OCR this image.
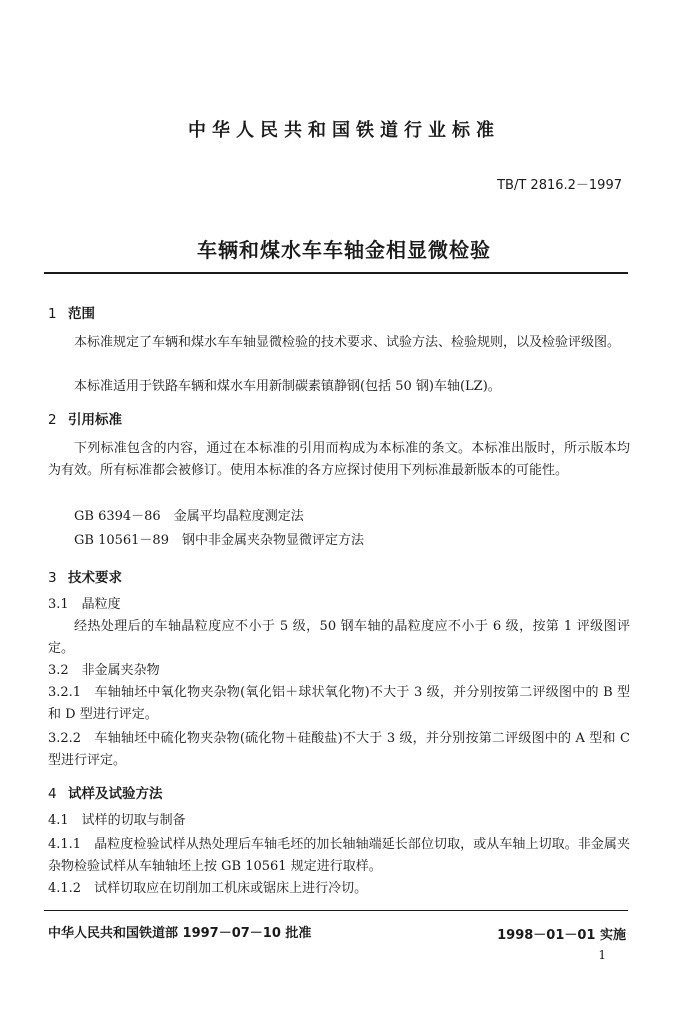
中华人民共和国铁道行业标准
TB/T 2816.2－1997
车辆和煤水车车轴金相显微检验
1 范围
本标准规定了车辆和煤水车车轴显微检验的技术要求、试验方法、检验规则，以及检验评级图。
本标准适用于铁路车辆和煤水车用新制碳素镇静钢(包括 50 钢)车轴(LZ)。
2 引用标准
下列标准包含的内容，通过在本标准的引用而构成为本标准的条文。本标准出版时，所示版本均为有效。所有标准都会被修订。使用本标准的各方应探讨使用下列标准最新版本的可能性。
GB 6394－86　金属平均晶粒度测定法
GB 10561－89　钢中非金属夹杂物显微评定方法
3 技术要求
3.1　晶粒度
经热处理后的车轴晶粒度应不小于 5 级，50 钢车轴的晶粒度应不小于 6 级，按第 1 评级图评定。
3.2　非金属夹杂物
3.2.1　车轴轴坯中氧化物夹杂物(氧化铝＋球状氧化物)不大于 3 级，并分别按第二评级图中的 B 型和 D 型进行评定。
3.2.2　车轴轴坯中硫化物夹杂物(硫化物＋硅酸盐)不大于 3 级，并分别按第二评级图中的 A 型和 C 型进行评定。
4 试样及试验方法
4.1　试样的切取与制备
4.1.1　晶粒度检验试样从热处理后车轴毛坯的加长轴轴端延长部位切取，或从车轴上切取。非金属夹杂物检验试样从车轴轴坯上按 GB 10561 规定进行取样。
4.1.2　试样切取应在切削加工机床或锯床上进行冷切。
中华人民共和国铁道部 1997－07－10 批准	1998－01－01 实施
1
